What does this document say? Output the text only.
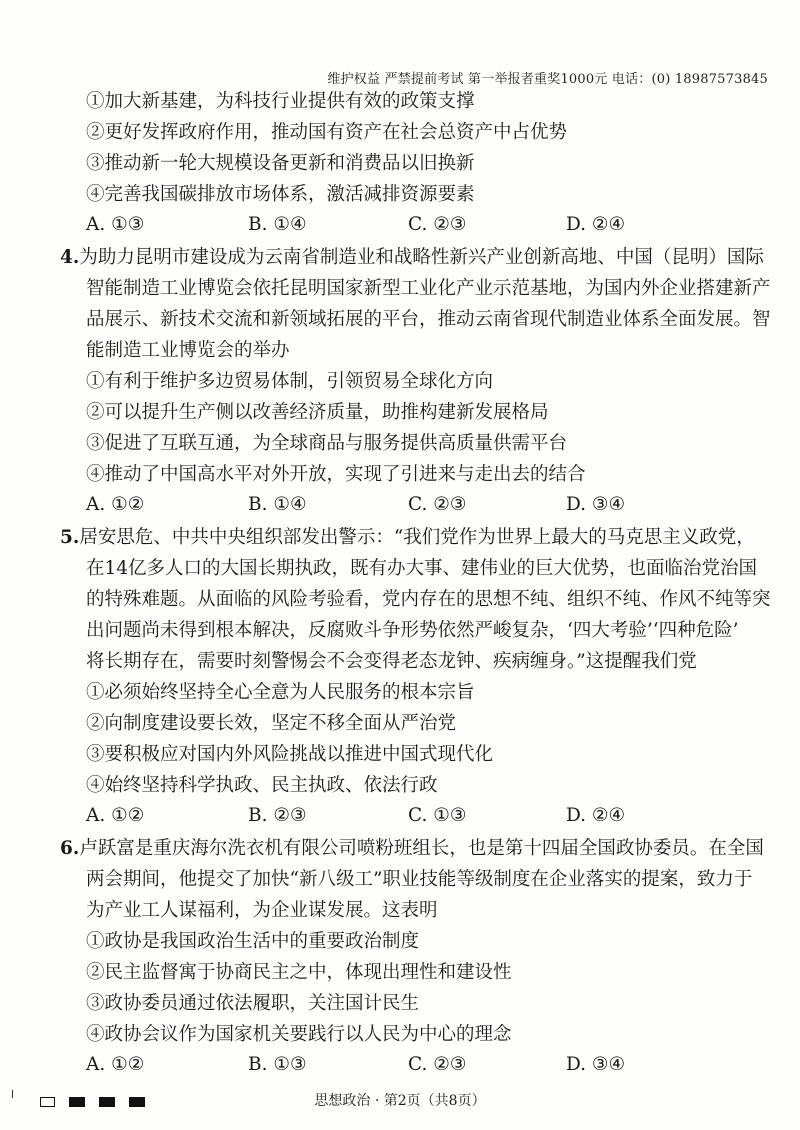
维护权益 严禁提前考试 第一举报者重奖1000元 电话：(0) 18987573845
①加大新基建，为科技行业提供有效的政策支撑
②更好发挥政府作用，推动国有资产在社会总资产中占优势
③推动新一轮大规模设备更新和消费品以旧换新
④完善我国碳排放市场体系，激活减排资源要素
A. ①③	B. ①④	C. ②③	D. ②④
4.为助力昆明市建设成为云南省制造业和战略性新兴产业创新高地、中国（昆明）国际
智能制造工业博览会依托昆明国家新型工业化产业示范基地，为国内外企业搭建新产
品展示、新技术交流和新领域拓展的平台，推动云南省现代制造业体系全面发展。智
能制造工业博览会的举办
①有利于维护多边贸易体制，引领贸易全球化方向
②可以提升生产侧以改善经济质量，助推构建新发展格局
③促进了互联互通，为全球商品与服务提供高质量供需平台
④推动了中国高水平对外开放，实现了引进来与走出去的结合
A. ①②	B. ①④	C. ②③	D. ③④
5.居安思危、中共中央组织部发出警示：“我们党作为世界上最大的马克思主义政党，
在14亿多人口的大国长期执政，既有办大事、建伟业的巨大优势，也面临治党治国
的特殊难题。从面临的风险考验看，党内存在的思想不纯、组织不纯、作风不纯等突
出问题尚未得到根本解决，反腐败斗争形势依然严峻复杂，‘四大考验’‘四种危险’
将长期存在，需要时刻警惕会不会变得老态龙钟、疾病缠身。”这提醒我们党
①必须始终坚持全心全意为人民服务的根本宗旨
②向制度建设要长效，坚定不移全面从严治党
③要积极应对国内外风险挑战以推进中国式现代化
④始终坚持科学执政、民主执政、依法行政
A. ①②	B. ②③	C. ①③	D. ②④
6.卢跃富是重庆海尔洗衣机有限公司喷粉班组长，也是第十四届全国政协委员。在全国
两会期间，他提交了加快“新八级工”职业技能等级制度在企业落实的提案，致力于
为产业工人谋福利，为企业谋发展。这表明
①政协是我国政治生活中的重要政治制度
②民主监督寓于协商民主之中，体现出理性和建设性
③政协委员通过依法履职，关注国计民生
④政协会议作为国家机关要践行以人民为中心的理念
思想政治 · 第2页（共8页）
A. ①②	B. ①③	C. ②③	D. ③④
